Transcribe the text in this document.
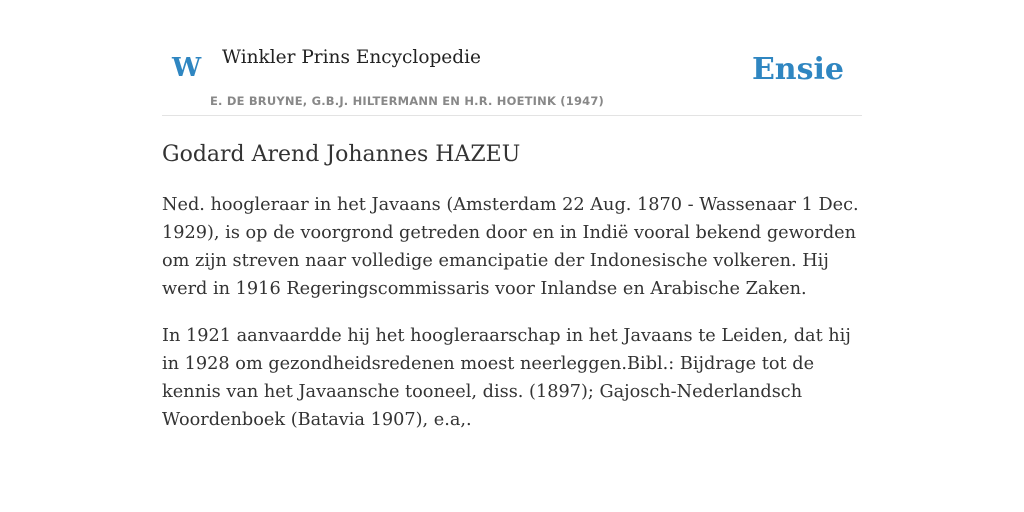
W Winkler Prins Encyclopedie
E. DE BRUYNE, G.B.J. HILTERMANN EN H.R. HOETINK (1947)
Ensie
Godard Arend Johannes HAZEU

Ned. hoogleraar in het Javaans (Amsterdam 22 Aug. 1870 - Wassenaar 1 Dec. 1929), is op de voorgrond getreden door en in Indië vooral bekend geworden om zijn streven naar volledige emancipatie der Indonesische volkeren. Hij werd in 1916 Regeringscommissaris voor Inlandse en Arabische Zaken.

In 1921 aanvaardde hij het hoogleraarschap in het Javaans te Leiden, dat hij in 1928 om gezondheidsredenen moest neerleggen.Bibl.: Bijdrage tot de kennis van het Javaansche tooneel, diss. (1897); Gajosch-Nederlandsch Woordenboek (Batavia 1907), e.a,.
